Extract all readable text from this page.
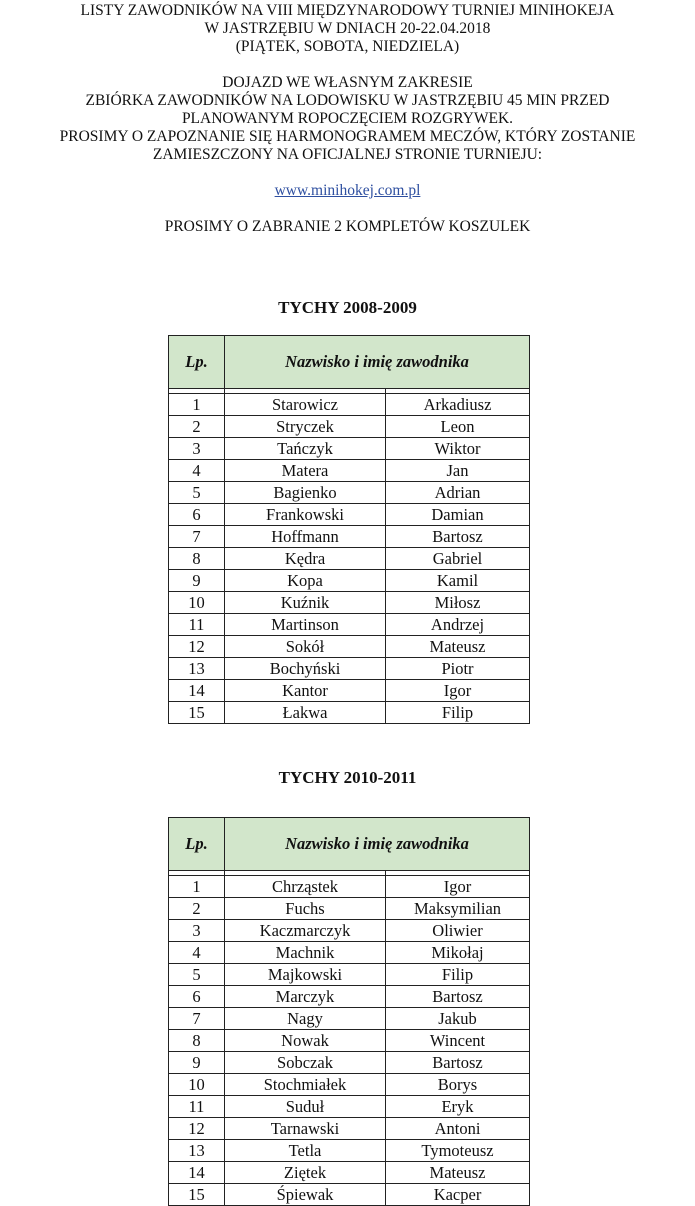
LISTY ZAWODNIKÓW NA VIII MIĘDZYNARODOWY TURNIEJ MINIHOKEJA
W JASTRZĘBIU W DNIACH 20-22.04.2018
(PIĄTEK, SOBOTA, NIEDZIELA)
DOJAZD WE WŁASNYM ZAKRESIE
ZBIÓRKA ZAWODNIKÓW NA LODOWISKU W JASTRZĘBIU 45 MIN PRZED
PLANOWANYM ROPOCZĘCIEM ROZGRYWEK.
PROSIMY O ZAPOZNANIE SIĘ HARMONOGRAMEM MECZÓW, KTÓRY ZOSTANIE
ZAMIESZCZONY NA OFICJALNEJ STRONIE TURNIEJU:
www.minihokej.com.pl
PROSIMY O ZABRANIE 2 KOMPLETÓW KOSZULEK
TYCHY 2008-2009
Lp.	Nazwisko i imię zawodnika	

1	Starowicz	Arkadiusz
2	Stryczek	Leon
3	Tańczyk	Wiktor
4	Matera	Jan
5	Bagienko	Adrian
6	Frankowski	Damian
7	Hoffmann	Bartosz
8	Kędra	Gabriel
9	Kopa	Kamil
10	Kuźnik	Miłosz
11	Martinson	Andrzej
12	Sokół	Mateusz
13	Bochyński	Piotr
14	Kantor	Igor
15	Łakwa	Filip
TYCHY 2010-2011
Lp.	Nazwisko i imię zawodnika	

1	Chrząstek	Igor
2	Fuchs	Maksymilian
3	Kaczmarczyk	Oliwier
4	Machnik	Mikołaj
5	Majkowski	Filip
6	Marczyk	Bartosz
7	Nagy	Jakub
8	Nowak	Wincent
9	Sobczak	Bartosz
10	Stochmiałek	Borys
11	Suduł	Eryk
12	Tarnawski	Antoni
13	Tetla	Tymoteusz
14	Ziętek	Mateusz
15	Śpiewak	Kacper
